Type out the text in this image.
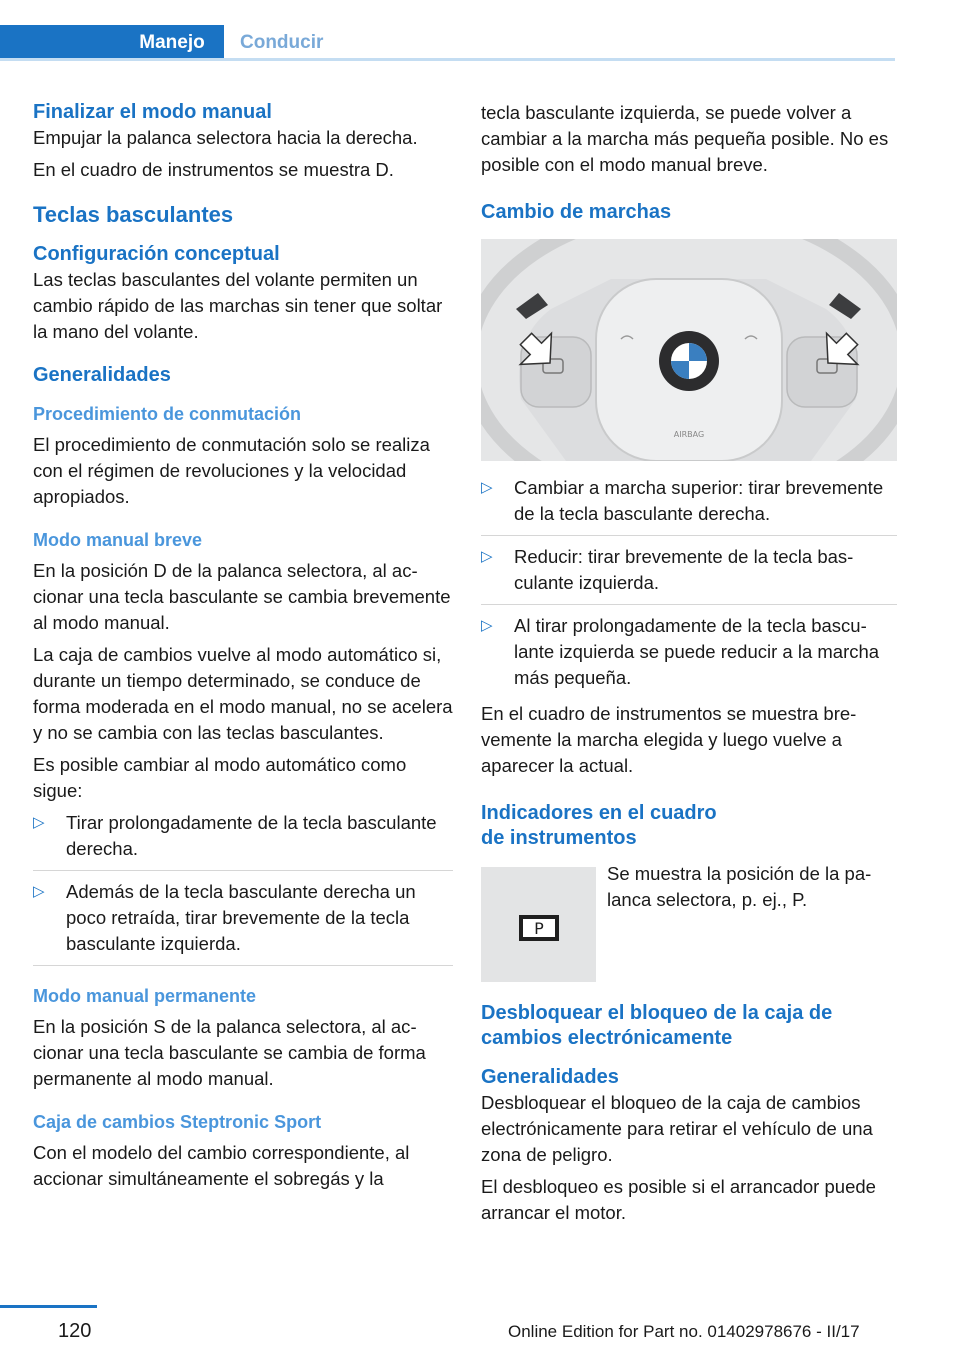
Manejo	Conducir
Finalizar el modo manual

Empujar la palanca selectora hacia la derecha.

En el cuadro de instrumentos se muestra D.

Teclas basculantes
Configuración conceptual

Las teclas basculantes del volante permiten un cambio rápido de las marchas sin tener que soltar la mano del volante.

Generalidades
Procedimiento de conmutación

El procedimiento de conmutación solo se realiza con el régimen de revoluciones y la velocidad apropiados.

Modo manual breve

En la posición D de la palanca selectora, al accionar una tecla basculante se cambia brevemente al modo manual.

La caja de cambios vuelve al modo automático si, durante un tiempo determinado, se conduce de forma moderada en el modo manual, no se acelera y no se cambia con las teclas basculantes.

Es posible cambiar al modo automático como sigue:

▷ Tirar prolongadamente de la tecla basculante derecha.
▷ Además de la tecla basculante derecha un poco retraída, tirar brevemente de la tecla basculante izquierda.
Modo manual permanente

En la posición S de la palanca selectora, al accionar una tecla basculante se cambia de forma permanente al modo manual.

Caja de cambios Steptronic Sport

Con el modelo del cambio correspondiente, al accionar simultáneamente el sobregás y la

tecla basculante izquierda, se puede volver a cambiar a la marcha más pequeña posible. No es posible con el modo manual breve.

Cambio de marchas
AIRBAG
▷ Cambiar a marcha superior: tirar brevemente de la tecla basculante derecha.
▷ Reducir: tirar brevemente de la tecla basculante izquierda.
▷ Al tirar prolongadamente de la tecla basculante izquierda se puede reducir a la marcha más pequeña.

En el cuadro de instrumentos se muestra brevemente la marcha elegida y luego vuelve a aparecer la actual.

Indicadores en el cuadro
de instrumentos
P

Se muestra la posición de la palanca selectora, p. ej., P.

Desbloquear el bloqueo de la caja de cambios electrónicamente
Generalidades

Desbloquear el bloqueo de la caja de cambios electrónicamente para retirar el vehículo de una zona de peligro.

El desbloqueo es posible si el arrancador puede arrancar el motor.

120	Online Edition for Part no. 01402978676 - II/17
